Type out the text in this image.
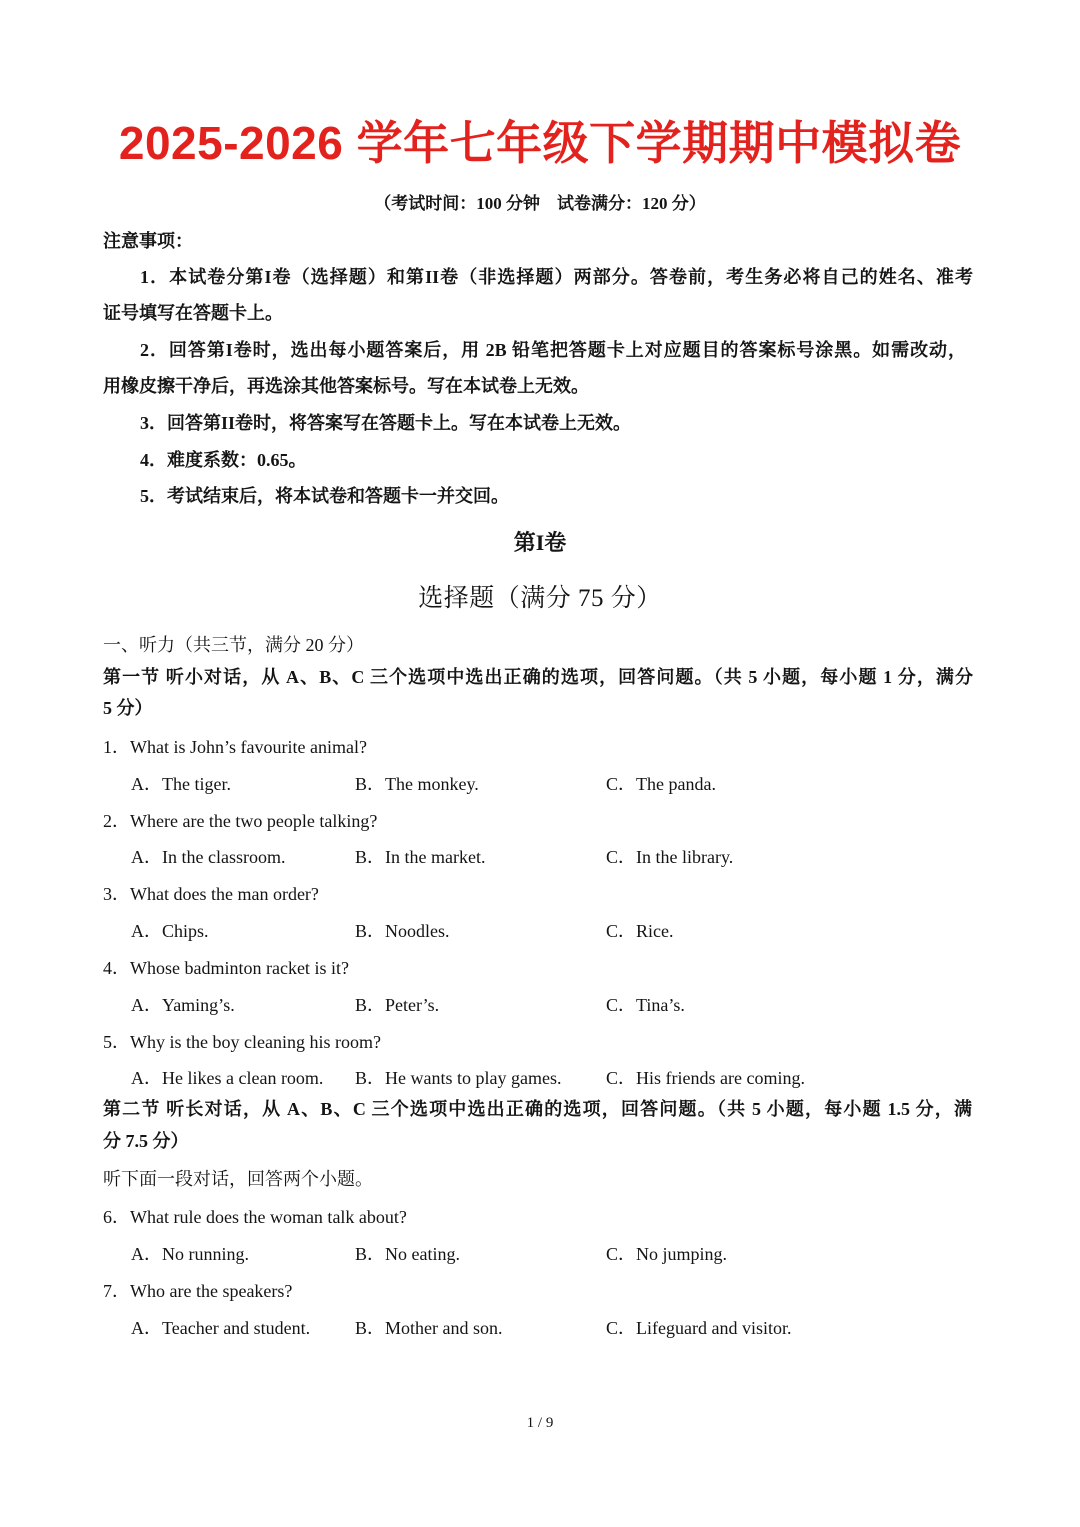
2025-2026 学年七年级下学期期中模拟卷
（考试时间：100 分钟　试卷满分：120 分）
注意事项：
1．本试卷分第I卷（选择题）和第II卷（非选择题）两部分。答卷前，考生务必将自己的姓名、准考
证号填写在答题卡上。
2．回答第I卷时，选出每小题答案后，用 2B 铅笔把答题卡上对应题目的答案标号涂黑。如需改动，
用橡皮擦干净后，再选涂其他答案标号。写在本试卷上无效。
3．回答第II卷时，将答案写在答题卡上。写在本试卷上无效。
4．难度系数：0.65。
5．考试结束后，将本试卷和答题卡一并交回。
第I卷
选择题（满分 75 分）
一、听力（共三节，满分 20 分）
第一节 听小对话，从 A、B、C 三个选项中选出正确的选项，回答问题。（共 5 小题，每小题 1 分，满分
5 分）
1．What is John’s favourite animal?
A．The tiger.	B．The monkey.	C．The panda.
2．Where are the two people talking?
A．In the classroom.	B．In the market.	C．In the library.
3．What does the man order?
A．Chips.	B．Noodles.	C．Rice.
4．Whose badminton racket is it?
A．Yaming’s.	B．Peter’s.	C．Tina’s.
5．Why is the boy cleaning his room?
A．He likes a clean room. B．He wants to play games. C．His friends are coming.
第二节 听长对话，从 A、B、C 三个选项中选出正确的选项，回答问题。（共 5 小题，每小题 1.5 分，满
分 7.5 分）
听下面一段对话，回答两个小题。
6．What rule does the woman talk about?
A．No running.	B．No eating.	C．No jumping.
7．Who are the speakers?
A．Teacher and student. B．Mother and son.	C．Lifeguard and visitor.
1 / 9
